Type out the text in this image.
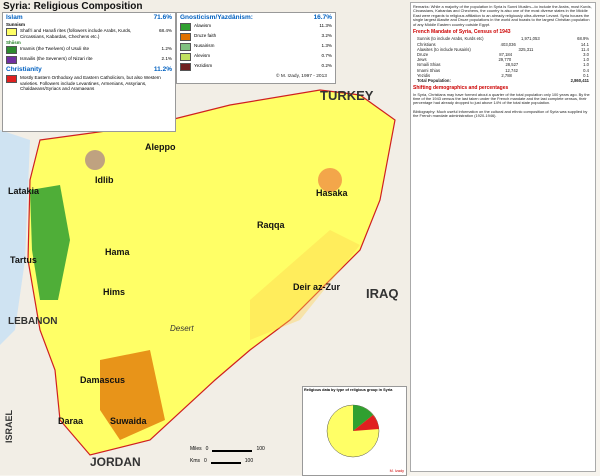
Syria: Religious Composition
Islam	71.6%
Sunnism
Shafi'i and Hanafi rites (followers include Arabs, Kurds, Circassians, Kabardas, Chechens etc.)
68.4%
Shiism
Imamis (the Twelvers) of Usuli rite	1.2%
Ismailis (the Seveners) of Nizari rite	2.1%
Christianity	11.2%
Mostly Eastern Orthodoxy and Eastern Catholicism, but also Western varieties. Followers include Levantines, Armenians, Assyrians, Chaldaeans/Syriacs and Aramaeans
Gnosticism/Yazdânism:	16.7%
Alawism	11.3%
Druze faith	3.2%
Nusairism	1.3%
Alevism	0.7%
Yezidism	0.2%
© M. Izady, 1997 - 2013
TURKEY
IRAQ
LEBANON
ISRAEL
JORDAN
Desert
Aleppo
Hasaka
Raqqa
Deir az-Zur
Idlib
Latakia
Hama
Tartus
Hims
Damascus
Daraa	Suwaida
Miles 0	100
Kms 0	100
Religious data by type of religious group in Syria
M. Izady
Remarks: While a majority of the population in Syria is Sunni Muslim—to include the Arabs, most Kurds, Circassians, Kabardas and Chechens, the country is also one of the most diverse states in the Middle East were regards to religious affiliation to an already religiously ultra-diverse Levant. Syria houses the single largest Alawite and Druze populations in the world and boasts to the largest Christian population of any Middle Eastern country outside Egypt.
French Mandate of Syria, Census of 1943
Sunnis (to include Arabs, Kurds etc)	1,971,053	68.9%
Christians	403,036	14.1
Alawites (to include Nusairis)	325,311	11.4
Druze	87,184	3.0
Jews	29,770	1.0
Ismaili Shias	28,527	1.0
Imami Shias	12,742	0.4
Yezidis	2,788	0.1
Total Population:	2,860,411
Shifting demographics and percentages
In Syria, Christians may have formed about a quarter of the total population only 100 years ago. By the time of the 1943 census the last taken under the French mandate and the last complete census, their percentage had already dropped to just above 14% of the total state population.
Bibliography: Much useful information on the cultural and ethnic composition of Syria was supplied by the French mandate administration (1920-1946).
